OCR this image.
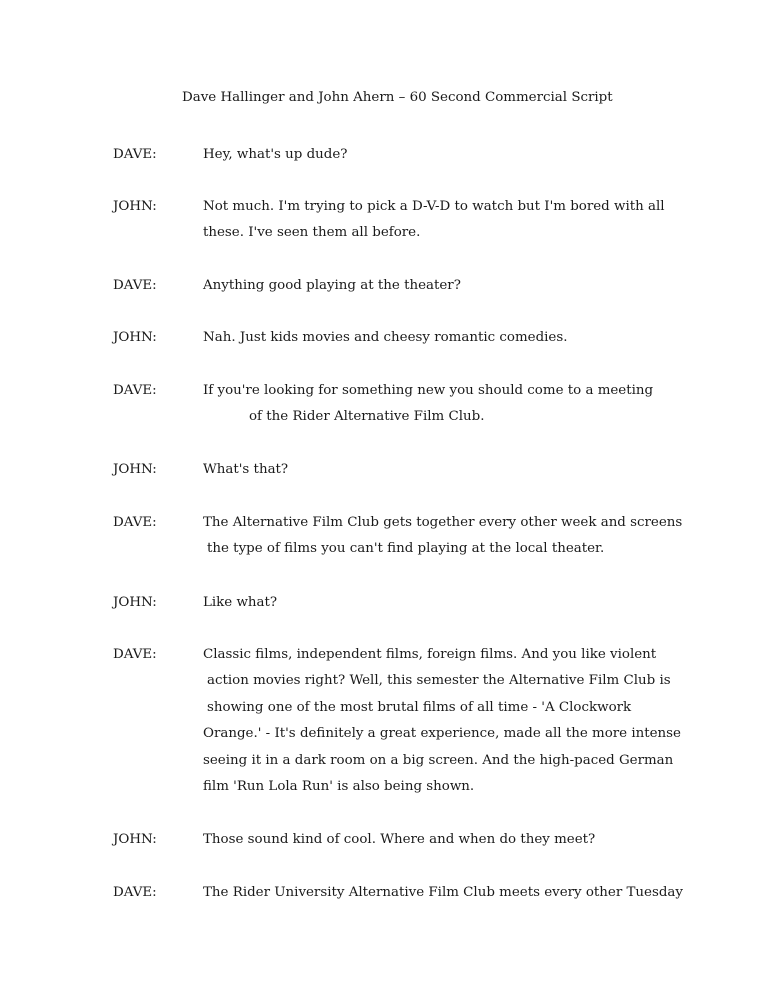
Dave Hallinger and John Ahern – 60 Second Commercial Script
DAVE:	Hey, what's up dude?
JOHN:	Not much. I'm trying to pick a D-V-D to watch but I'm bored with all
these. I've seen them all before.
DAVE:	Anything good playing at the theater?
JOHN:	Nah. Just kids movies and cheesy romantic comedies.
DAVE:	If you're looking for something new you should come to a meeting
of the Rider Alternative Film Club.
JOHN:	What's that?
DAVE:	The Alternative Film Club gets together every other week and screens
the type of films you can't find playing at the local theater.
JOHN:	Like what?
DAVE:	Classic films, independent films, foreign films. And you like violent
action movies right? Well, this semester the Alternative Film Club is
showing one of the most brutal films of all time - 'A Clockwork
Orange.' - It's definitely a great experience, made all the more intense
seeing it in a dark room on a big screen. And the high-paced German
film 'Run Lola Run' is also being shown.
JOHN:	Those sound kind of cool. Where and when do they meet?
DAVE:	The Rider University Alternative Film Club meets every other Tuesday
